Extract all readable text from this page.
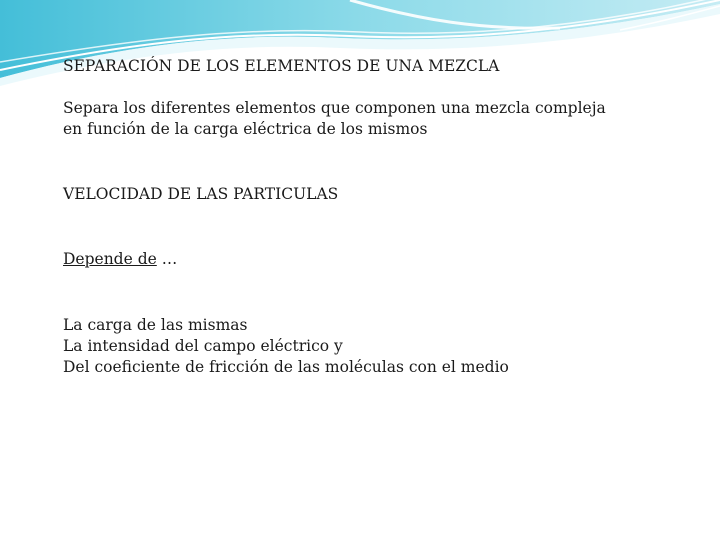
SEPARACIÓN DE LOS ELEMENTOS DE UNA MEZCLA
Separa los diferentes elementos que componen una mezcla compleja
en función de la carga eléctrica de los mismos
VELOCIDAD DE LAS PARTICULAS
Depende de …
La carga de las mismas
La intensidad del campo eléctrico y
Del coeficiente de fricción de las moléculas con el medio
